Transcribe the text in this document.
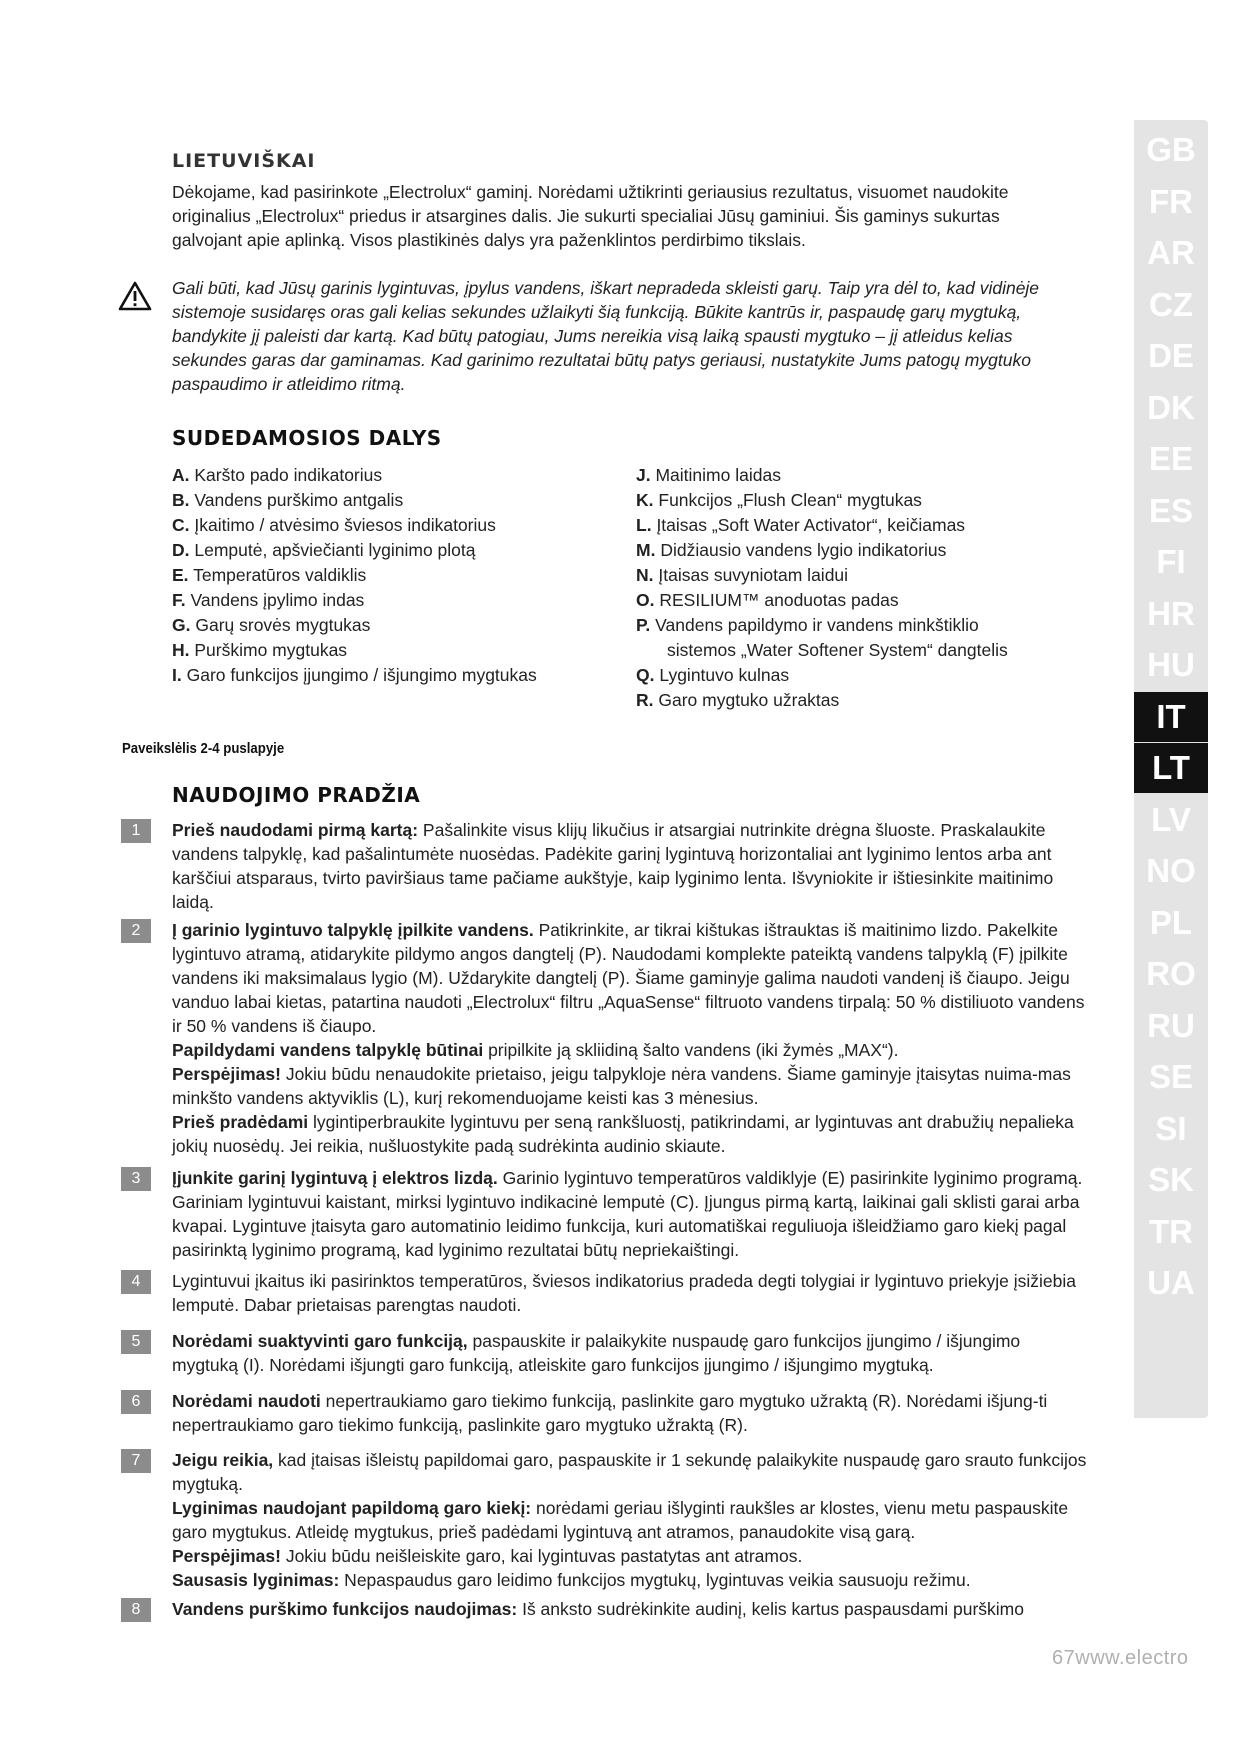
GB
FR
AR
CZ
DE
DK
EE
ES
FI
HR
HU
IT
LT
LV
NO
PL
RO
RU
SE
SI
SK
TR
UA
LIETUVIŠKAI
Dėkojame, kad pasirinkote „Electrolux“ gaminį. Norėdami užtikrinti geriausius rezultatus, visuomet naudokite originalius „Electrolux“ priedus ir atsargines dalis. Jie sukurti specialiai Jūsų gaminiui. Šis gaminys sukurtas galvojant apie aplinką. Visos plastikinės dalys yra paženklintos perdirbimo tikslais.
Gali būti, kad Jūsų garinis lygintuvas, įpylus vandens, iškart nepradeda skleisti garų. Taip yra dėl to, kad vidinėje sistemoje susidaręs oras gali kelias sekundes užlaikyti šią funkciją. Būkite kantrūs ir, paspaudę garų mygtuką, bandykite jį paleisti dar kartą. Kad būtų patogiau, Jums nereikia visą laiką spausti mygtuko – jį atleidus kelias sekundes garas dar gaminamas. Kad garinimo rezultatai būtų patys geriausi, nustatykite Jums patogų mygtuko paspaudimo ir atleidimo ritmą.
SUDEDAMOSIOS DALYS
A. Karšto pado indikatorius
B. Vandens purškimo antgalis
C. Įkaitimo / atvėsimo šviesos indikatorius
D. Lemputė, apšviečianti lyginimo plotą
E. Temperatūros valdiklis
F. Vandens įpylimo indas
G. Garų srovės mygtukas
H. Purškimo mygtukas
I. Garo funkcijos įjungimo / išjungimo mygtukas
J. Maitinimo laidas
K. Funkcijos „Flush Clean“ mygtukas
L. Įtaisas „Soft Water Activator“, keičiamas
M. Didžiausio vandens lygio indikatorius
N. Įtaisas suvyniotam laidui
O. RESILIUM™ anoduotas padas
P. Vandens papildymo ir vandens minkštiklio
sistemos „Water Softener System“ dangtelis
Q. Lygintuvo kulnas
R. Garo mygtuko užraktas
Paveikslėlis 2-4 puslapyje
NAUDOJIMO PRADŽIA
1	Prieš naudodami pirmą kartą: Pašalinkite visus klijų likučius ir atsargiai nutrinkite drėgna šluoste. Praskalaukite vandens talpyklę, kad pašalintumėte nuosėdas. Padėkite garinį lygintuvą horizontaliai ant lyginimo lentos arba ant karščiui atsparaus, tvirto paviršiaus tame pačiame aukštyje, kaip lyginimo lenta. Išvyniokite ir ištiesinkite maitinimo laidą.

2	Į garinio lygintuvo talpyklę įpilkite vandens. Patikrinkite, ar tikrai kištukas ištrauktas iš maitinimo lizdo. Pakelkite lygintuvo atramą, atidarykite pildymo angos dangtelį (P). Naudodami komplekte pateiktą vandens talpyklą (F) įpilkite vandens iki maksimalaus lygio (M). Uždarykite dangtelį (P). Šiame gaminyje galima naudoti vandenį iš čiaupo. Jeigu vanduo labai kietas, patartina naudoti „Electrolux“ filtru „AquaSense“ filtruoto vandens tirpalą: 50 % distiliuoto vandens ir 50 % vandens iš čiaupo.

Papildydami vandens talpyklę būtinai pripilkite ją skliidiną šalto vandens (iki žymės „MAX“).

Perspėjimas! Jokiu būdu nenaudokite prietaiso, jeigu talpykloje nėra vandens. Šiame gaminyje įtaisytas nuima-mas minkšto vandens aktyviklis (L), kurį rekomenduojame keisti kas 3 mėnesius.

Prieš pradėdami lygintiperbraukite lygintuvu per seną rankšluostį, patikrindami, ar lygintuvas ant drabužių nepalieka jokių nuosėdų. Jei reikia, nušluostykite padą sudrėkinta audinio skiaute.

3	Įjunkite garinį lygintuvą į elektros lizdą. Garinio lygintuvo temperatūros valdiklyje (E) pasirinkite lyginimo programą. Gariniam lygintuvui kaistant, mirksi lygintuvo indikacinė lemputė (C). Įjungus pirmą kartą, laikinai gali sklisti garai arba kvapai. Lygintuve įtaisyta garo automatinio leidimo funkcija, kuri automatiškai reguliuoja išleidžiamo garo kiekį pagal pasirinktą lyginimo programą, kad lyginimo rezultatai būtų nepriekaištingi.

4	Lygintuvui įkaitus iki pasirinktos temperatūros, šviesos indikatorius pradeda degti tolygiai ir lygintuvo priekyje įsižiebia lemputė. Dabar prietaisas parengtas naudoti.

5	Norėdami suaktyvinti garo funkciją, paspauskite ir palaikykite nuspaudę garo funkcijos įjungimo / išjungimo mygtuką (I). Norėdami išjungti garo funkciją, atleiskite garo funkcijos įjungimo / išjungimo mygtuką.

6	Norėdami naudoti nepertraukiamo garo tiekimo funkciją, paslinkite garo mygtuko užraktą (R). Norėdami išjung-ti nepertraukiamo garo tiekimo funkciją, paslinkite garo mygtuko užraktą (R).

7	Jeigu reikia, kad įtaisas išleistų papildomai garo, paspauskite ir 1 sekundę palaikykite nuspaudę garo srauto funkcijos mygtuką.

Lyginimas naudojant papildomą garo kiekį: norėdami geriau išlyginti raukšles ar klostes, vienu metu paspauskite garo mygtukus. Atleidę mygtukus, prieš padėdami lygintuvą ant atramos, panaudokite visą garą.

Perspėjimas! Jokiu būdu neišleiskite garo, kai lygintuvas pastatytas ant atramos.

Sausasis lyginimas: Nepaspaudus garo leidimo funkcijos mygtukų, lygintuvas veikia sausuoju režimu.

8	Vandens purškimo funkcijos naudojimas: Iš anksto sudrėkinkite audinį, kelis kartus paspausdami purškimo

67www.electro
